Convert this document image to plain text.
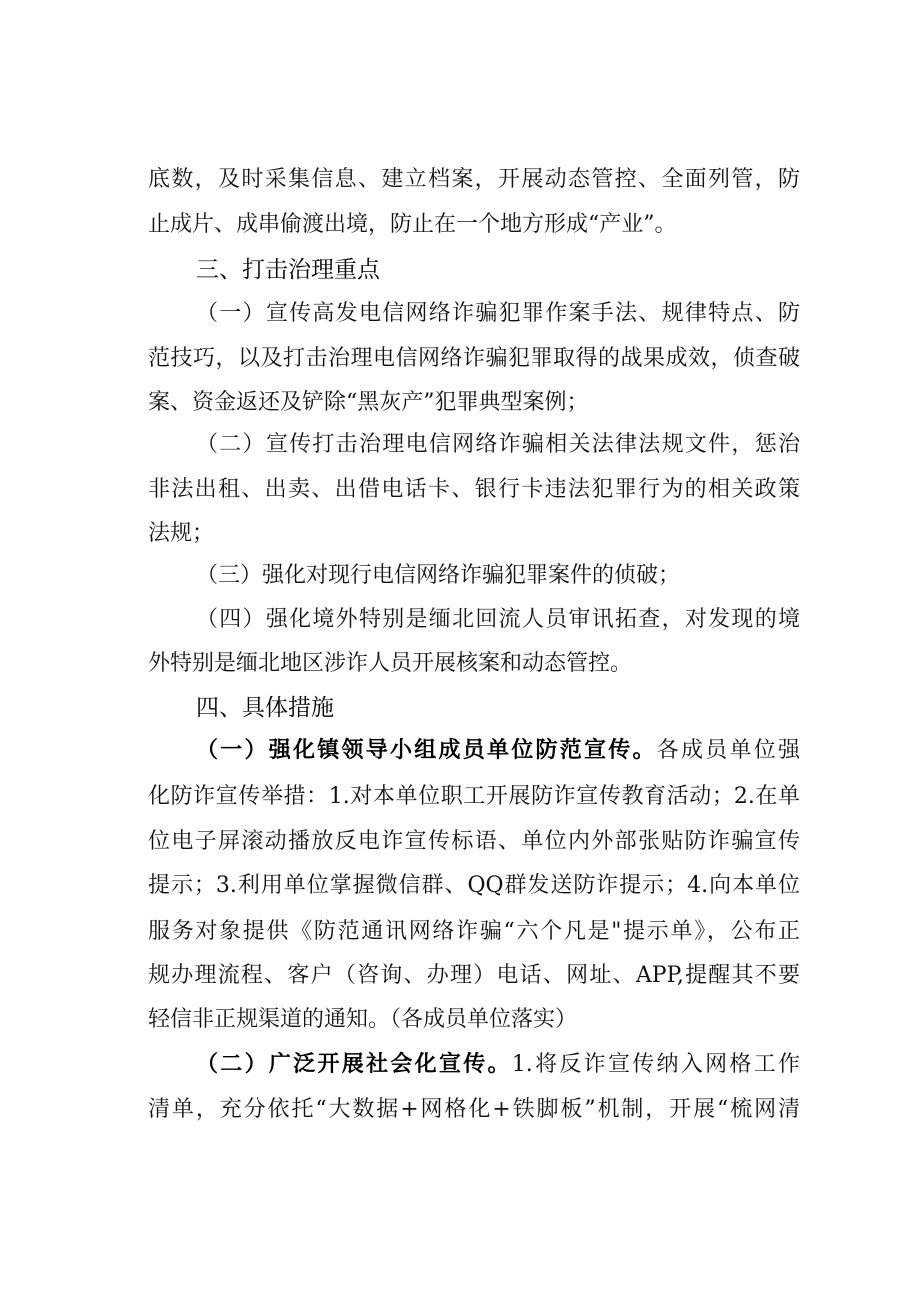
底数，及时采集信息、建立档案，开展动态管控、全面列管，防
止成片、成串偷渡出境，防止在一个地方形成“产业”。
三、打击治理重点
（一）宣传高发电信网络诈骗犯罪作案手法、规律特点、防
范技巧，以及打击治理电信网络诈骗犯罪取得的战果成效，侦查破
案、资金返还及铲除“黑灰产”犯罪典型案例；
（二）宣传打击治理电信网络诈骗相关法律法规文件，惩治
非法出租、出卖、出借电话卡、银行卡违法犯罪行为的相关政策
法规；
（三）强化对现行电信网络诈骗犯罪案件的侦破；
（四）强化境外特别是缅北回流人员审讯拓查，对发现的境
外特别是缅北地区涉诈人员开展核案和动态管控。
四、具体措施
（一）强化镇领导小组成员单位防范宣传。各成员单位强
化防诈宣传举措：1.对本单位职工开展防诈宣传教育活动；2.在单
位电子屏滚动播放反电诈宣传标语、单位内外部张贴防诈骗宣传
提示；3.利用单位掌握微信群、QQ群发送防诈提示；4.向本单位
服务对象提供《防范通讯网络诈骗“六个凡是"提示单》，公布正
规办理流程、客户（咨询、办理）电话、网址、APP,提醒其不要
轻信非正规渠道的通知。（各成员单位落实）
（二）广泛开展社会化宣传。1.将反诈宣传纳入网格工作
清单，充分依托“大数据+网格化+铁脚板”机制，开展“梳网清
